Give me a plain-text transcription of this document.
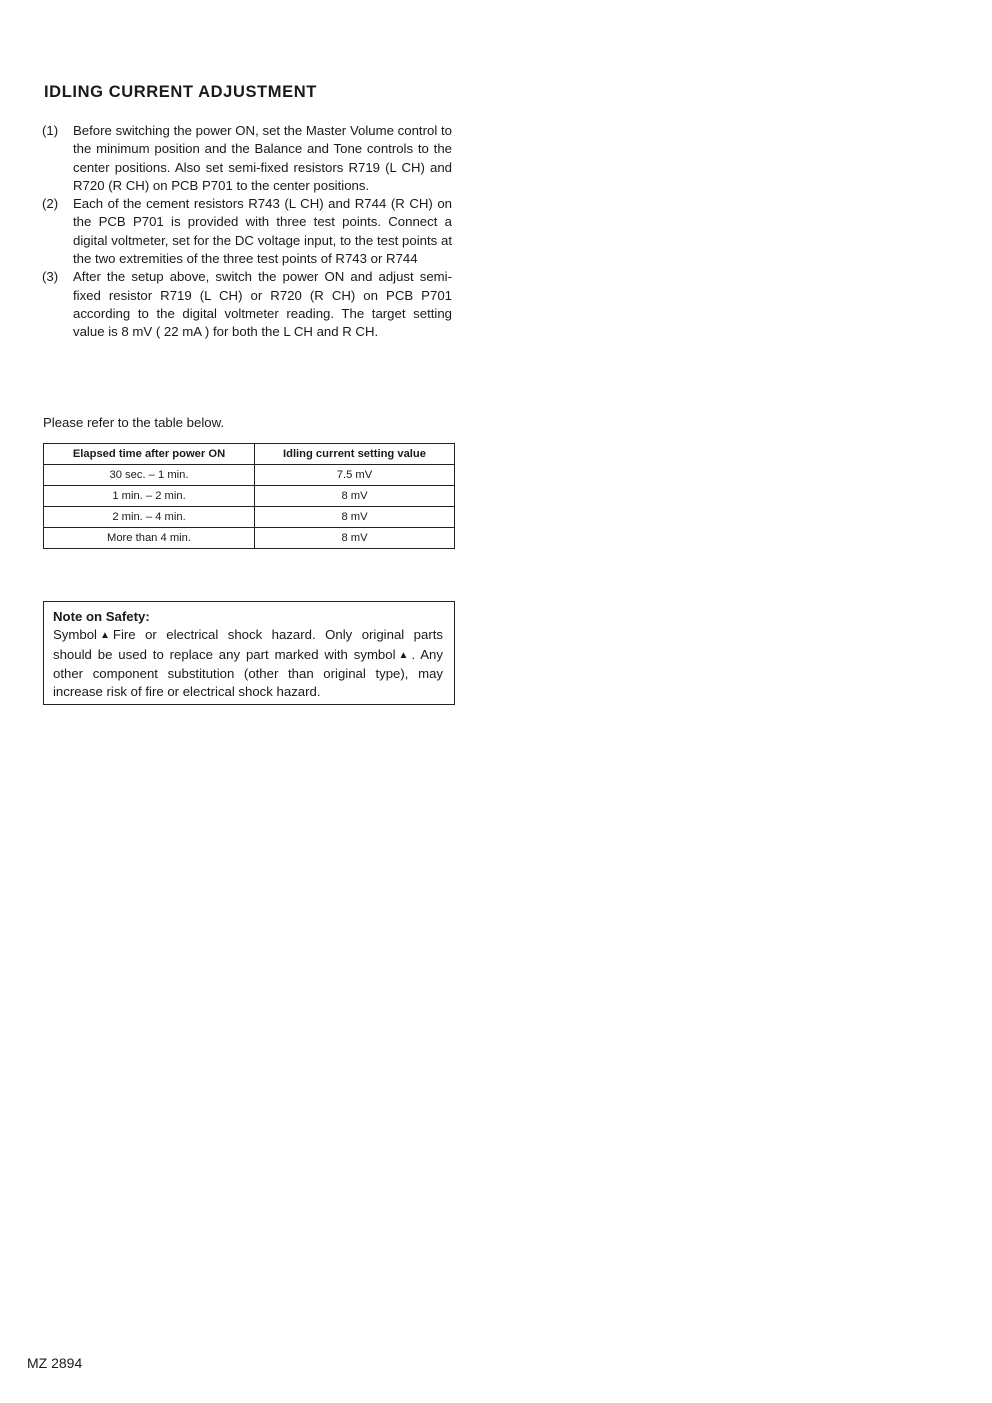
IDLING CURRENT ADJUSTMENT
(1)	Before switching the power ON, set the Master Volume control to the minimum position and the Balance and Tone controls to the center positions. Also set semi-fixed resistors R719 (L CH) and R720 (R CH) on PCB P701 to the center positions.
(2)	Each of the cement resistors R743 (L CH) and R744 (R CH) on the PCB P701 is provided with three test points. Connect a digital voltmeter, set for the DC voltage input, to the test points at the two extremities of the three test points of R743 or R744
(3)	After the setup above, switch the power ON and adjust semi-fixed resistor R719 (L CH) or R720 (R CH) on PCB P701 according to the digital voltmeter reading. The target setting value is 8 mV ( 22 mA ) for both the L CH and R CH.
Please refer to the table below.
Elapsed time after power ON	Idling current setting value
30 sec. – 1 min.	7.5 mV
1 min. – 2 min.	8 mV
2 min. – 4 min.	8 mV
More than 4 min.	8 mV
Note on Safety:
Symbol ▲ Fire or electrical shock hazard. Only original parts should be used to replace any part marked with symbol ▲ . Any other component substitution (other than original type), may increase risk of fire or electrical shock hazard.
MZ 2894
